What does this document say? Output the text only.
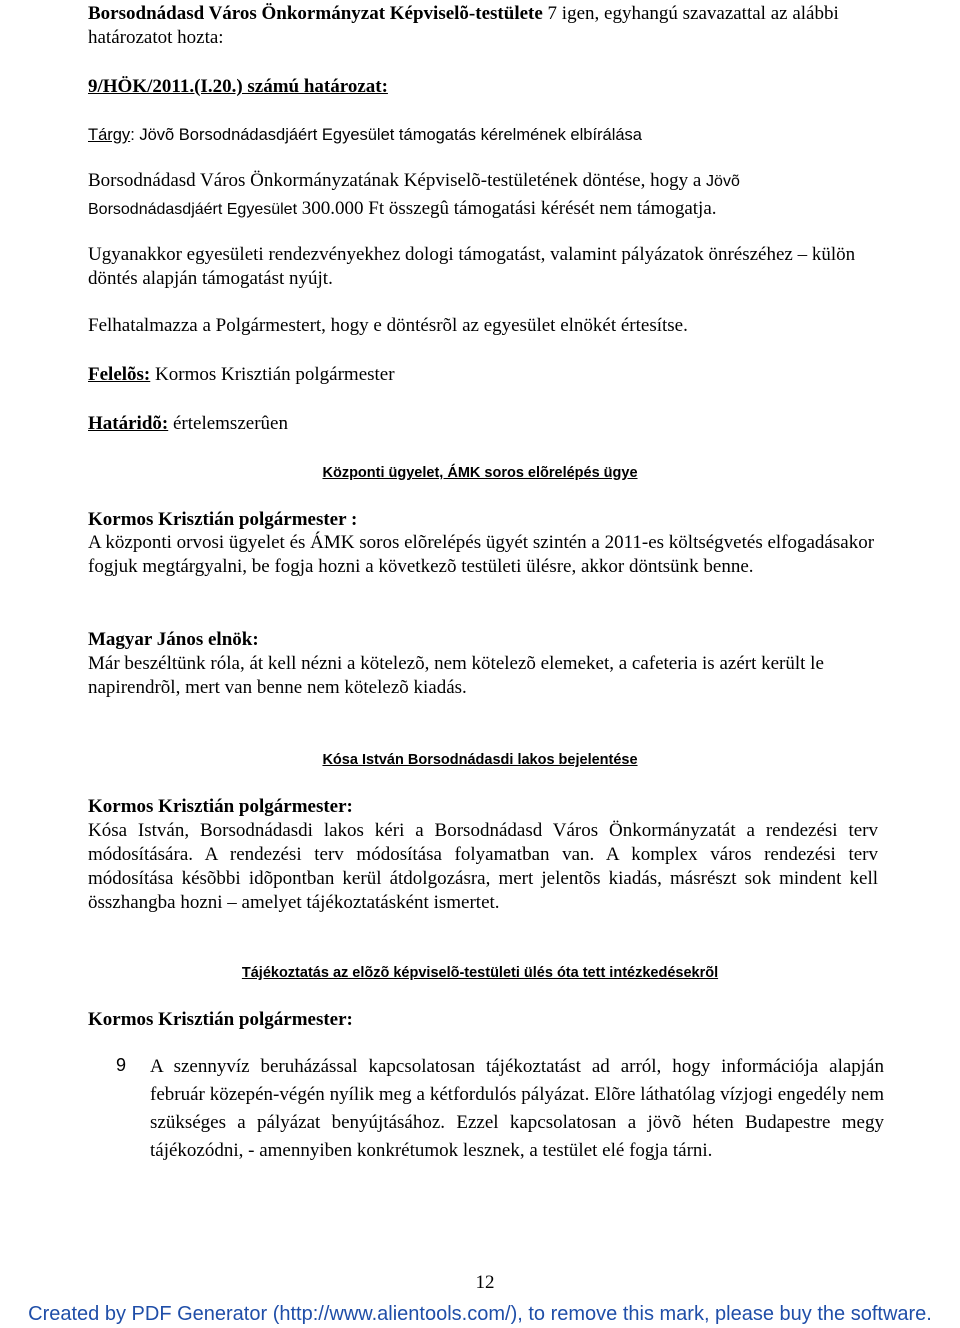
Borsodnádasd Város Önkormányzat Képviselõ-testülete 7 igen, egyhangú szavazattal az alábbi határozatot hozta:
9/HÖK/2011.(I.20.) számú határozat:
Tárgy: Jövõ Borsodnádasdjáért Egyesület támogatás kérelmének elbírálása
Borsodnádasd Város Önkormányzatának Képviselõ-testületének döntése, hogy a Jövõ
Borsodnádasdjáért Egyesület 300.000 Ft összegû támogatási kérését nem támogatja.
Ugyanakkor egyesületi rendezvényekhez dologi támogatást, valamint pályázatok önrészéhez – külön döntés alapján támogatást nyújt.
Felhatalmazza a Polgármestert, hogy e döntésrõl az egyesület elnökét értesítse.
Felelõs: Kormos Krisztián polgármester
Határidõ: értelemszerûen
Központi ügyelet, ÁMK soros elõrelépés ügye
Kormos Krisztián polgármester :
A központi orvosi ügyelet és ÁMK soros elõrelépés ügyét szintén a 2011-es költségvetés elfogadásakor fogjuk megtárgyalni, be fogja hozni a következõ testületi ülésre, akkor döntsünk benne.
Magyar János elnök:
Már beszéltünk róla, át kell nézni a kötelezõ, nem kötelezõ elemeket, a cafeteria is azért került le napirendrõl, mert van benne nem kötelezõ kiadás.
Kósa István Borsodnádasdi lakos bejelentése
Kormos Krisztián polgármester:
Kósa István, Borsodnádasdi lakos kéri a Borsodnádasd Város Önkormányzatát a rendezési terv módosítására. A rendezési terv módosítása folyamatban van. A komplex város rendezési terv módosítása késõbbi idõpontban kerül átdolgozásra, mert jelentõs kiadás, másrészt sok mindent kell összhangba hozni – amelyet tájékoztatásként ismertet.
Tájékoztatás az elõzõ képviselõ-testületi ülés óta tett intézkedésekrõl
Kormos Krisztián polgármester:
9 A szennyvíz beruházással kapcsolatosan tájékoztatást ad arról, hogy információja alapján február közepén-végén nyílik meg a kétfordulós pályázat. Elõre láthatólag vízjogi engedély nem szükséges a pályázat benyújtásához. Ezzel kapcsolatosan a jövõ héten Budapestre megy tájékozódni, - amennyiben konkrétumok lesznek, a testület elé fogja tárni.
12
Created by PDF Generator (http://www.alientools.com/), to remove this mark, please buy the software.
